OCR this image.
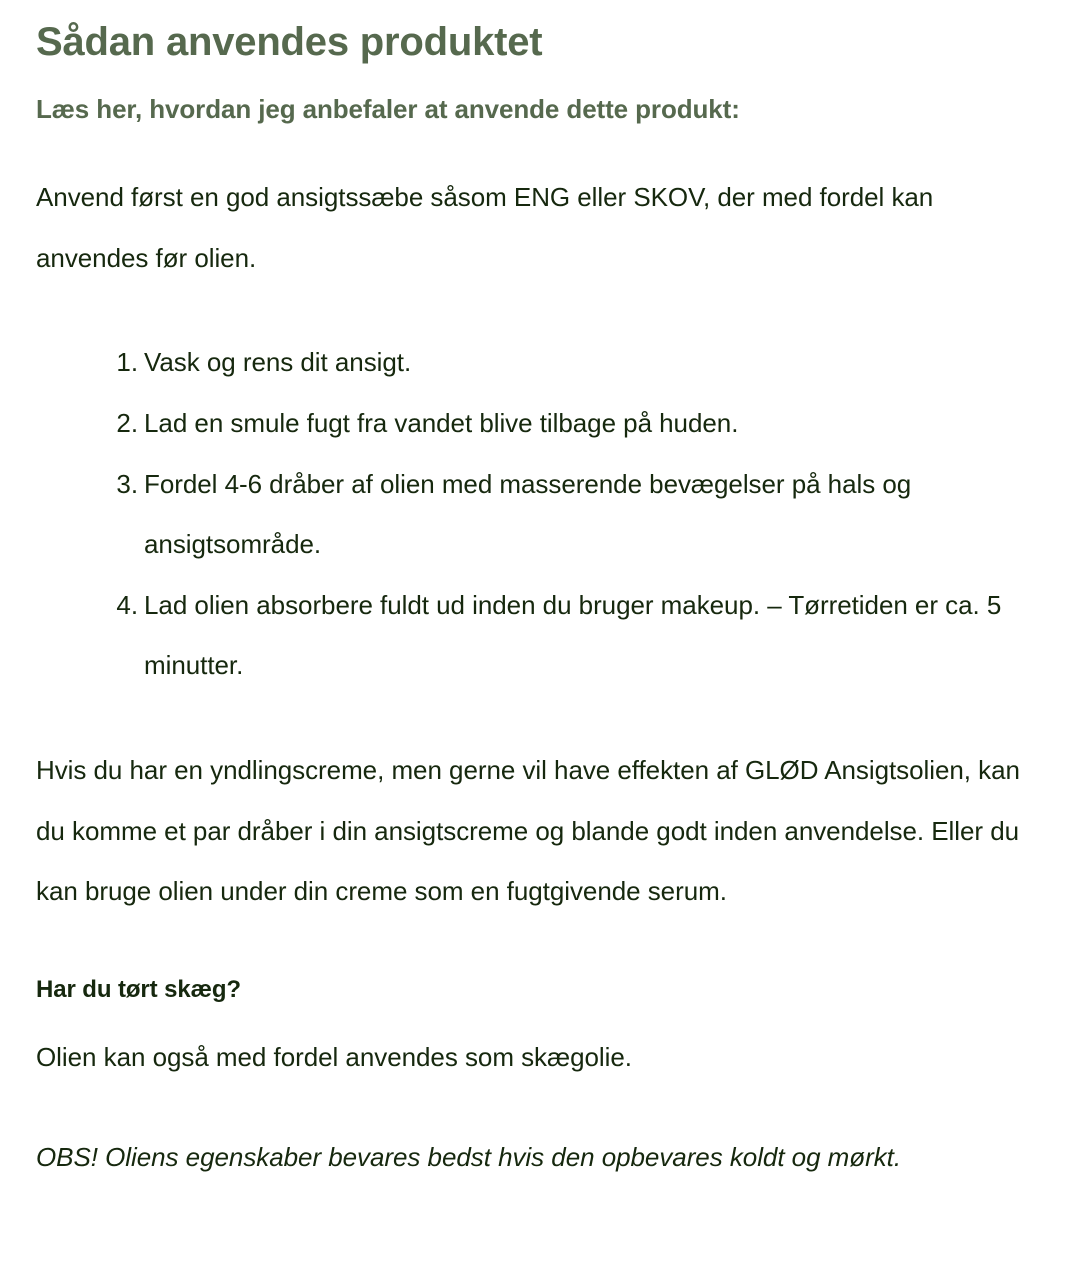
Sådan anvendes produktet
Læs her, hvordan jeg anbefaler at anvende dette produkt:

Anvend først en god ansigtssæbe såsom ENG eller SKOV, der med fordel kan anvendes før olien.

Vask og rens dit ansigt.
Lad en smule fugt fra vandet blive tilbage på huden.
Fordel 4-6 dråber af olien med masserende bevægelser på hals og ansigtsområde.
Lad olien absorbere fuldt ud inden du bruger makeup. – Tørretiden er ca. 5 minutter.

Hvis du har en yndlingscreme, men gerne vil have effekten af GLØD Ansigtsolien, kan du komme et par dråber i din ansigtscreme og blande godt inden anvendelse. Eller du kan bruge olien under din creme som en fugtgivende serum.

Har du tørt skæg?

Olien kan også med fordel anvendes som skægolie.

OBS! Oliens egenskaber bevares bedst hvis den opbevares koldt og mørkt.
